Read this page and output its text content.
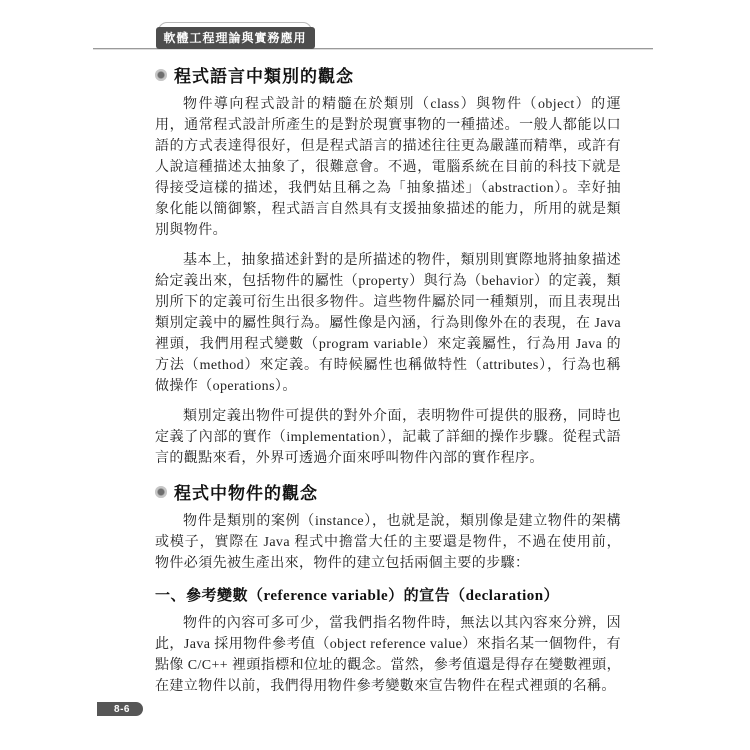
軟體工程理論與實務應用
程式語言中類別的觀念

物件導向程式設計的精髓在於類別（class）與物件（object）的運用，通常程式設計所產生的是對於現實事物的一種描述。一般人都能以口語的方式表達得很好，但是程式語言的描述往往更為嚴謹而精準，或許有人說這種描述太抽象了，很難意會。不過，電腦系統在目前的科技下就是得接受這樣的描述，我們姑且稱之為「抽象描述」（abstraction）。幸好抽象化能以簡御繁，程式語言自然具有支援抽象描述的能力，所用的就是類別與物件。

基本上，抽象描述針對的是所描述的物件，類別則實際地將抽象描述給定義出來，包括物件的屬性（property）與行為（behavior）的定義，類別所下的定義可衍生出很多物件。這些物件屬於同一種類別，而且表現出類別定義中的屬性與行為。屬性像是內涵，行為則像外在的表現，在 Java 裡頭，我們用程式變數（program variable）來定義屬性，行為用 Java 的方法（method）來定義。有時候屬性也稱做特性（attributes），行為也稱做操作（operations）。

類別定義出物件可提供的對外介面，表明物件可提供的服務，同時也定義了內部的實作（implementation），記載了詳細的操作步驟。從程式語言的觀點來看，外界可透過介面來呼叫物件內部的實作程序。

程式中物件的觀念

物件是類別的案例（instance），也就是說，類別像是建立物件的架構或模子，實際在 Java 程式中擔當大任的主要還是物件，不過在使用前，物件必須先被生產出來，物件的建立包括兩個主要的步驟：

一、參考變數（reference variable）的宣告（declaration）

物件的內容可多可少，當我們指名物件時，無法以其內容來分辨，因此，Java 採用物件參考值（object reference value）來指名某一個物件，有點像 C/C++ 裡頭指標和位址的觀念。當然，參考值還是得存在變數裡頭，在建立物件以前，我們得用物件參考變數來宣告物件在程式裡頭的名稱。

8-6
